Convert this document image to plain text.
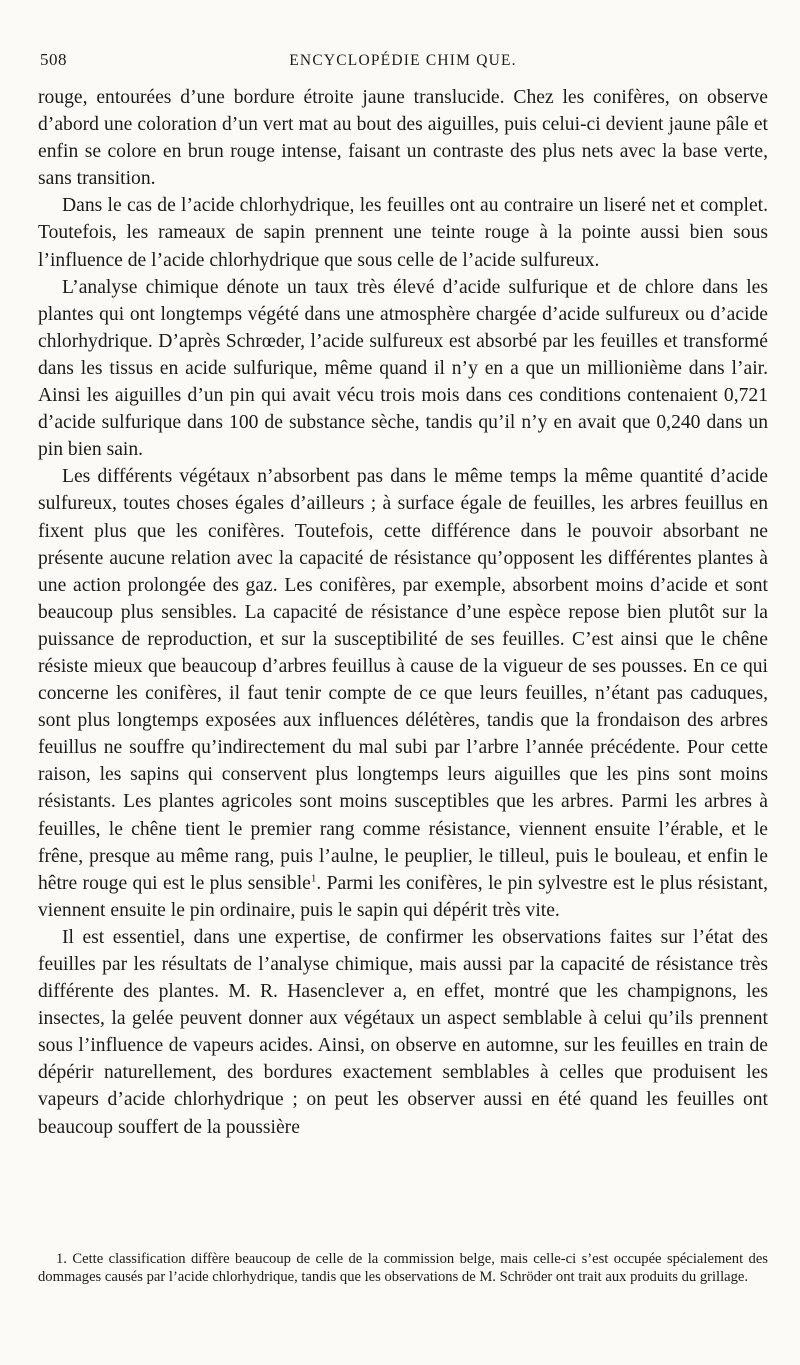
508	ENCYCLOPÉDIE CHIM QUE.

rouge, entourées d’une bordure étroite jaune translucide. Chez les conifères, on observe d’abord une coloration d’un vert mat au bout des aiguilles, puis celui-ci devient jaune pâle et enfin se colore en brun rouge intense, faisant un contraste des plus nets avec la base verte, sans transition.

Dans le cas de l’acide chlorhydrique, les feuilles ont au contraire un liseré net et complet. Toutefois, les rameaux de sapin prennent une teinte rouge à la pointe aussi bien sous l’influence de l’acide chlorhydrique que sous celle de l’acide sulfureux.

L’analyse chimique dénote un taux très élevé d’acide sulfurique et de chlore dans les plantes qui ont longtemps végété dans une atmosphère chargée d’acide sulfureux ou d’acide chlorhydrique. D’après Schrœder, l’acide sulfureux est absorbé par les feuilles et transformé dans les tissus en acide sulfurique, même quand il n’y en a que un millionième dans l’air. Ainsi les aiguilles d’un pin qui avait vécu trois mois dans ces conditions contenaient 0,721 d’acide sulfurique dans 100 de substance sèche, tandis qu’il n’y en avait que 0,240 dans un pin bien sain.

Les différents végétaux n’absorbent pas dans le même temps la même quantité d’acide sulfureux, toutes choses égales d’ailleurs ; à surface égale de feuilles, les arbres feuillus en fixent plus que les conifères. Toutefois, cette différence dans le pouvoir absorbant ne présente aucune relation avec la capacité de résistance qu’opposent les différentes plantes à une action prolongée des gaz. Les conifères, par exemple, absorbent moins d’acide et sont beaucoup plus sensibles. La capacité de résistance d’une espèce repose bien plutôt sur la puissance de reproduction, et sur la susceptibilité de ses feuilles. C’est ainsi que le chêne résiste mieux que beaucoup d’arbres feuillus à cause de la vigueur de ses pousses. En ce qui concerne les conifères, il faut tenir compte de ce que leurs feuilles, n’étant pas caduques, sont plus longtemps exposées aux influences délétères, tandis que la frondaison des arbres feuillus ne souffre qu’indirectement du mal subi par l’arbre l’année précédente. Pour cette raison, les sapins qui conservent plus longtemps leurs aiguilles que les pins sont moins résistants. Les plantes agricoles sont moins susceptibles que les arbres. Parmi les arbres à feuilles, le chêne tient le premier rang comme résistance, viennent ensuite l’érable, et le frêne, presque au même rang, puis l’aulne, le peuplier, le tilleul, puis le bouleau, et enfin le hêtre rouge qui est le plus sensible$^1$. Parmi les conifères, le pin sylvestre est le plus résistant, viennent ensuite le pin ordinaire, puis le sapin qui dépérit très vite.

Il est essentiel, dans une expertise, de confirmer les observations faites sur l’état des feuilles par les résultats de l’analyse chimique, mais aussi par la capacité de résistance très différente des plantes. M. R. Hasenclever a, en effet, montré que les champignons, les insectes, la gelée peuvent donner aux végétaux un aspect semblable à celui qu’ils prennent sous l’influence de vapeurs acides. Ainsi, on observe en automne, sur les feuilles en train de dépérir naturellement, des bordures exactement semblables à celles que produisent les vapeurs d’acide chlorhydrique ; on peut les observer aussi en été quand les feuilles ont beaucoup souffert de la poussière

1. Cette classification diffère beaucoup de celle de la commission belge, mais celle-ci s’est occupée spécialement des dommages causés par l’acide chlorhydrique, tandis que les observations de M. Schröder ont trait aux produits du grillage.
